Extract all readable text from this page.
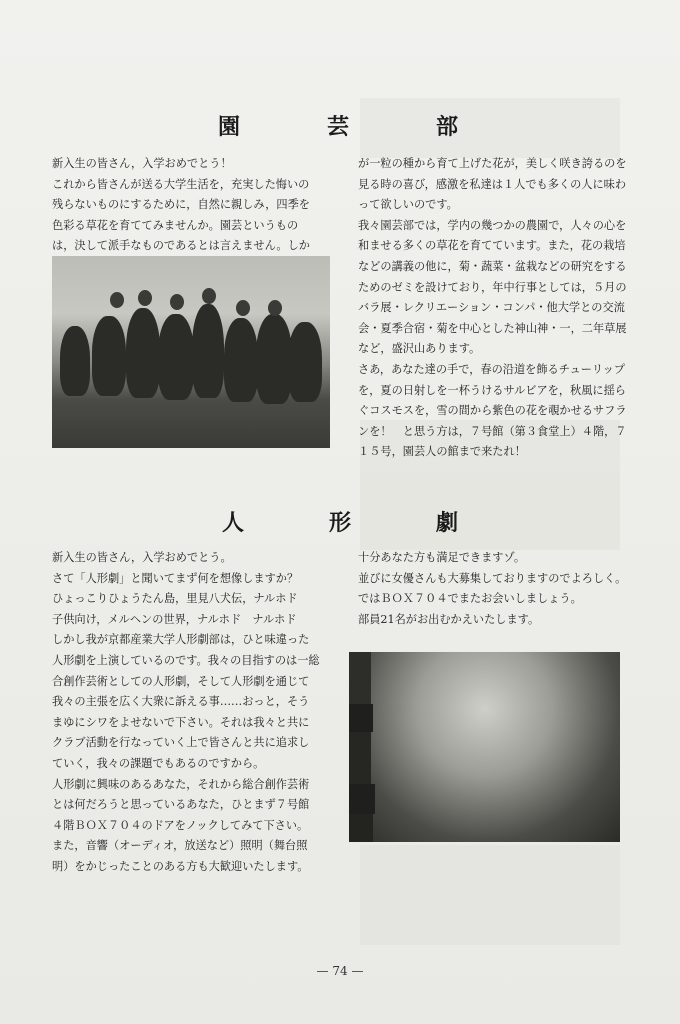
園	芸	部

新入生の皆さん，入学おめでとう！
これから皆さんが送る大学生活を，充実した悔いの残らないものにするために，自然に親しみ，四季を色彩る草花を育ててみませんか。園芸というものは，決して派手なものであるとは言えません。しか

が一粒の種から育て上げた花が，美しく咲き誇るのを見る時の喜び，感激を私達は１人でも多くの人に味わって欲しいのです。
我々園芸部では，学内の幾つかの農園で，人々の心を和ませる多くの草花を育てています。また，花の栽培などの講義の他に，菊・蔬菜・盆栽などの研究をするためのゼミを設けており，年中行事としては，５月のバラ展・レクリエーション・コンパ・他大学との交流会・夏季合宿・菊を中心とした神山神・一，二年草展など，盛沢山あります。
さあ，あなた達の手で，春の沿道を飾るチューリップを，夏の日射しを一杯うけるサルビアを，秋風に揺らぐコスモスを，雪の間から紫色の花を覗かせるサフランを！　と思う方は，７号館（第３食堂上）４階，７１５号，園芸人の館まで来たれ！

人	形	劇

新入生の皆さん，入学おめでとう。
さて「人形劇」と聞いてまず何を想像しますか？
ひょっこりひょうたん島，里見八犬伝，ナルホド
子供向け，メルヘンの世界，ナルホド　ナルホド
しかし我が京都産業大学人形劇部は，ひと味違った人形劇を上演しているのです。我々の目指すのは一総合創作芸術としての人形劇，そして人形劇を通じて我々の主張を広く大衆に訴える事……おっと，そうまゆにシワをよせないで下さい。それは我々と共にクラブ活動を行なっていく上で皆さんと共に追求していく，我々の課題でもあるのですから。
人形劇に興味のあるあなた，それから総合創作芸術とは何だろうと思っているあなた，ひとまず７号館４階ＢＯＸ７０４のドアをノックしてみて下さい。
また，音響（オーディオ，放送など）照明（舞台照明）をかじったことのある方も大歓迎いたします。

十分あなた方も満足できますゾ。
並びに女優さんも大募集しておりますのでよろしく。
ではＢＯＸ７０４でまたお会いしましょう。
部員21名がお出むかえいたします。

— 74 —
